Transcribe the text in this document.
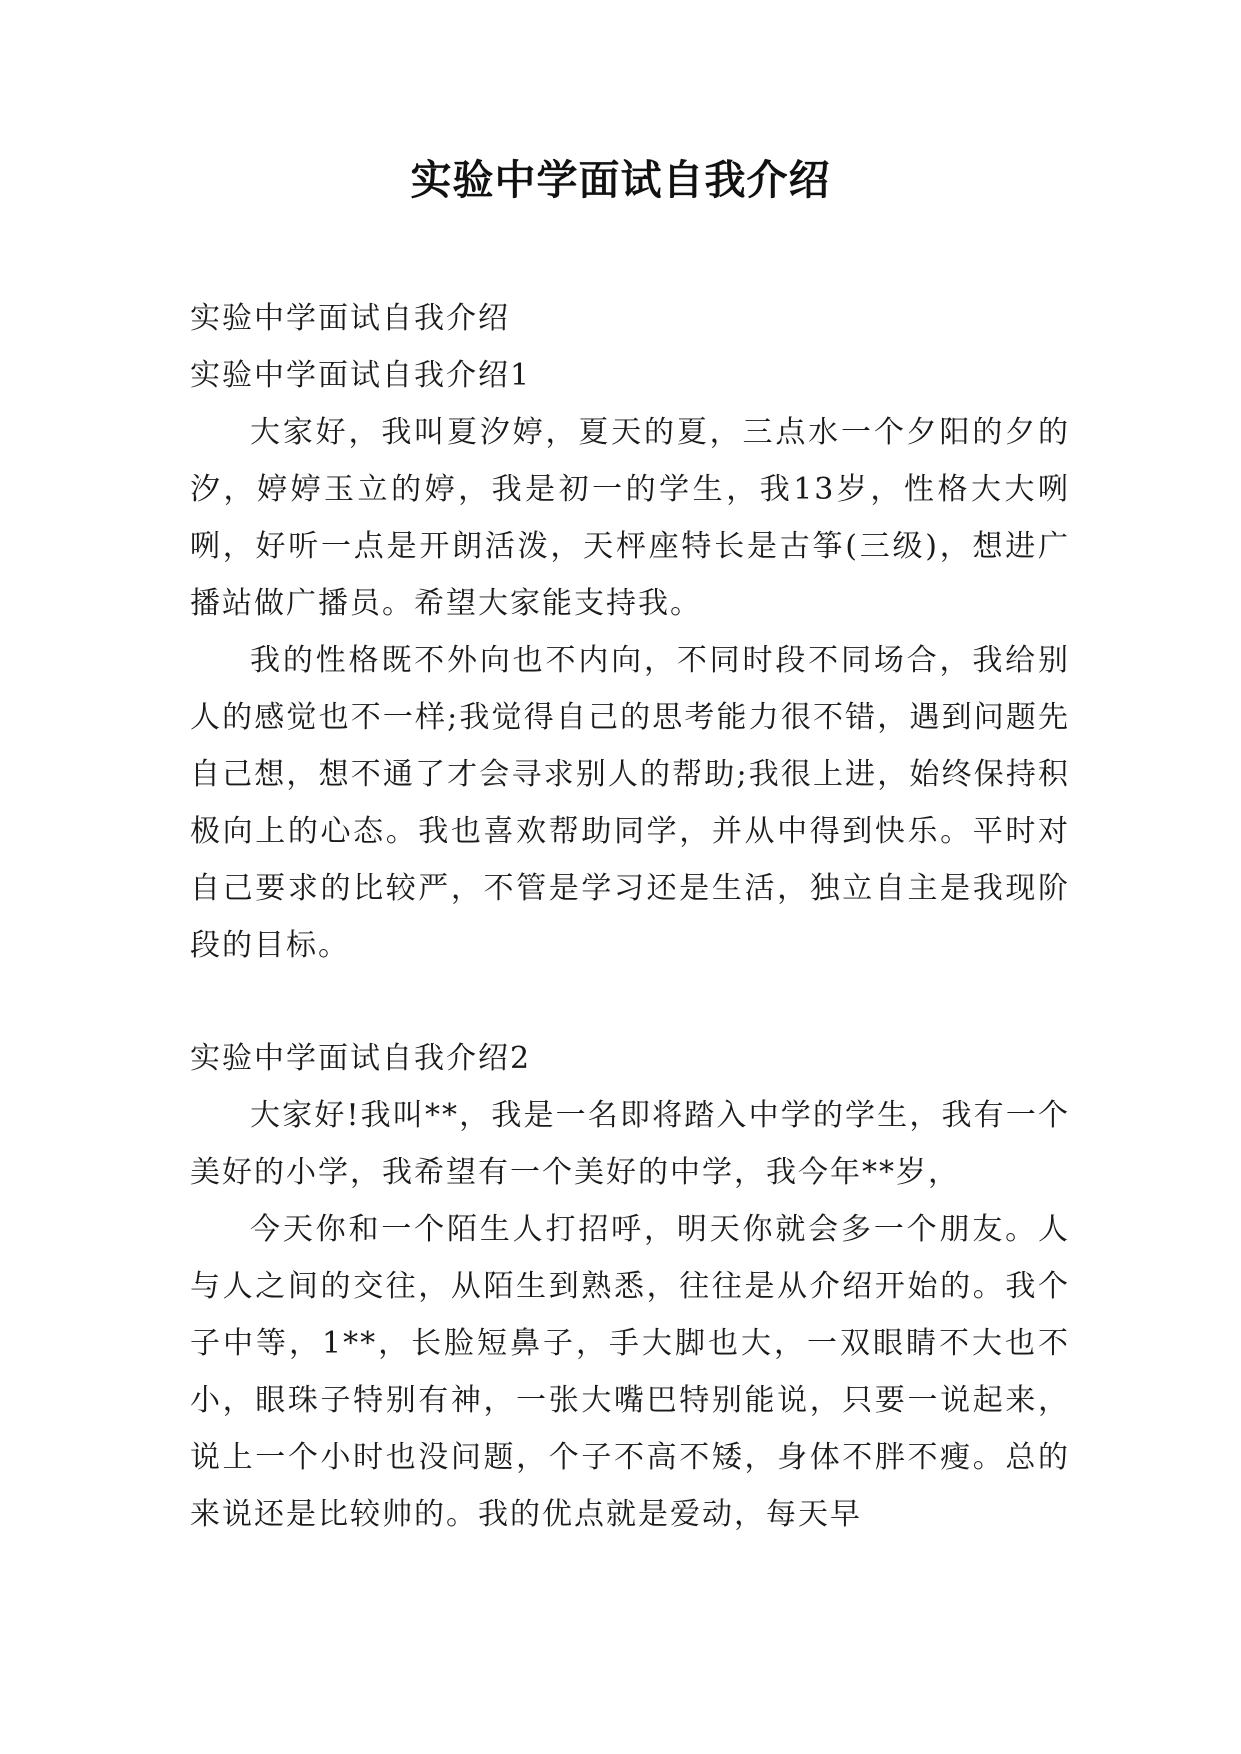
实验中学面试自我介绍

实验中学面试自我介绍

实验中学面试自我介绍1

大家好，我叫夏汐婷，夏天的夏，三点水一个夕阳的夕的汐，婷婷玉立的婷，我是初一的学生，我13岁，性格大大咧咧，好听一点是开朗活泼，天枰座特长是古筝(三级)，想进广播站做广播员。希望大家能支持我。

我的性格既不外向也不内向，不同时段不同场合，我给别人的感觉也不一样;我觉得自己的思考能力很不错，遇到问题先自己想，想不通了才会寻求别人的帮助;我很上进，始终保持积极向上的心态。我也喜欢帮助同学，并从中得到快乐。平时对自己要求的比较严，不管是学习还是生活，独立自主是我现阶段的目标。

实验中学面试自我介绍2

大家好!我叫**，我是一名即将踏入中学的学生，我有一个美好的小学，我希望有一个美好的中学，我今年**岁，

今天你和一个陌生人打招呼，明天你就会多一个朋友。人与人之间的交往，从陌生到熟悉，往往是从介绍开始的。我个子中等，1**，长脸短鼻子，手大脚也大，一双眼睛不大也不小，眼珠子特别有神，一张大嘴巴特别能说，只要一说起来，说上一个小时也没问题，个子不高不矮，身体不胖不瘦。总的来说还是比较帅的。我的优点就是爱动，每天早
